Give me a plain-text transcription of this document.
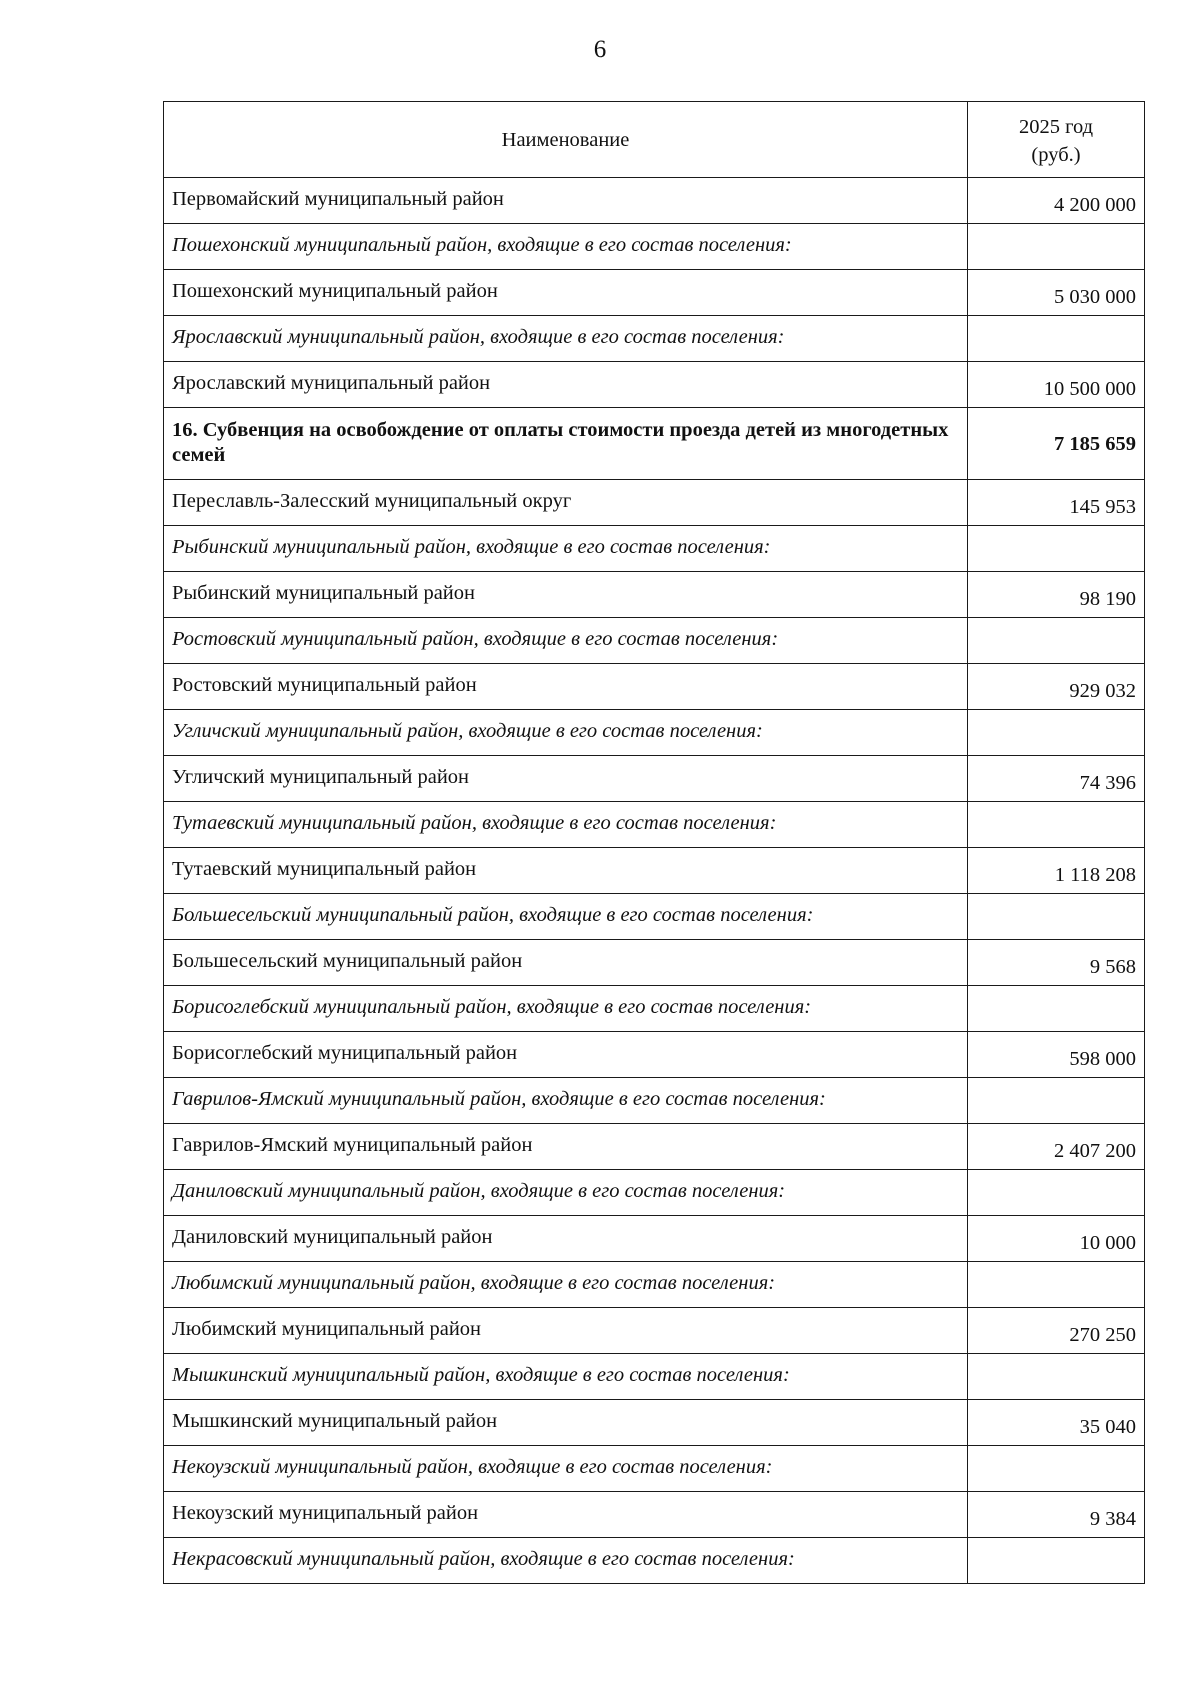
6
Наименование	2025 год
(руб.)
Первомайский муниципальный район	4 200 000
Пошехонский муниципальный район, входящие в его состав поселения:	
Пошехонский муниципальный район	5 030 000
Ярославский муниципальный район, входящие в его состав поселения:	
Ярославский муниципальный район	10 500 000
16. Субвенция на освобождение от оплаты стоимости проезда детей из многодетных семей	7 185 659
Переславль-Залесский муниципальный округ	145 953
Рыбинский муниципальный район, входящие в его состав поселения:	
Рыбинский муниципальный район	98 190
Ростовский муниципальный район, входящие в его состав поселения:	
Ростовский муниципальный район	929 032
Угличский муниципальный район, входящие в его состав поселения:	
Угличский муниципальный район	74 396
Тутаевский муниципальный район, входящие в его состав поселения:	
Тутаевский муниципальный район	1 118 208
Большесельский муниципальный район, входящие в его состав поселения:	
Большесельский муниципальный район	9 568
Борисоглебский муниципальный район, входящие в его состав поселения:	
Борисоглебский муниципальный район	598 000
Гаврилов-Ямский муниципальный район, входящие в его состав поселения:	
Гаврилов-Ямский муниципальный район	2 407 200
Даниловский муниципальный район, входящие в его состав поселения:	
Даниловский муниципальный район	10 000
Любимский муниципальный район, входящие в его состав поселения:	
Любимский муниципальный район	270 250
Мышкинский муниципальный район, входящие в его состав поселения:	
Мышкинский муниципальный район	35 040
Некоузский муниципальный район, входящие в его состав поселения:	
Некоузский муниципальный район	9 384
Некрасовский муниципальный район, входящие в его состав поселения:	
